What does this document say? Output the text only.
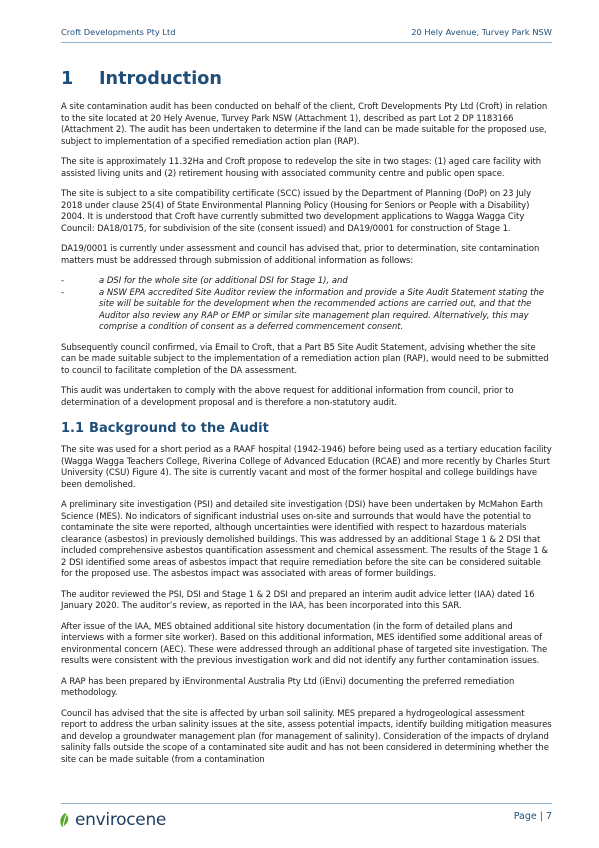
Croft Developments Pty Ltd	20 Hely Avenue, Turvey Park NSW
1 Introduction

A site contamination audit has been conducted on behalf of the client, Croft Developments Pty Ltd (Croft) in relation to the site located at 20 Hely Avenue, Turvey Park NSW (Attachment 1), described as part Lot 2 DP 1183166 (Attachment 2). The audit has been undertaken to determine if the land can be made suitable for the proposed use, subject to implementation of a specified remediation action plan (RAP).

The site is approximately 11.32Ha and Croft propose to redevelop the site in two stages: (1) aged care facility with assisted living units and (2) retirement housing with associated community centre and public open space.

The site is subject to a site compatibility certificate (SCC) issued by the Department of Planning (DoP) on 23 July 2018 under clause 25(4) of State Environmental Planning Policy (Housing for Seniors or People with a Disability) 2004. It is understood that Croft have currently submitted two development applications to Wagga Wagga City Council: DA18/0175, for subdivision of the site (consent issued) and DA19/0001 for construction of Stage 1.

DA19/0001 is currently under assessment and council has advised that, prior to determination, site contamination matters must be addressed through submission of additional information as follows:

-	a DSI for the whole site (or additional DSI for Stage 1), and
-	a NSW EPA accredited Site Auditor review the information and provide a Site Audit Statement stating the site will be suitable for the development when the recommended actions are carried out, and that the Auditor also review any RAP or EMP or similar site management plan required. Alternatively, this may comprise a condition of consent as a deferred commencement consent.

Subsequently council confirmed, via Email to Croft, that a Part B5 Site Audit Statement, advising whether the site can be made suitable subject to the implementation of a remediation action plan (RAP), would need to be submitted to council to facilitate completion of the DA assessment.

This audit was undertaken to comply with the above request for additional information from council, prior to determination of a development proposal and is therefore a non-statutory audit.

1.1 Background to the Audit

The site was used for a short period as a RAAF hospital (1942-1946) before being used as a tertiary education facility (Wagga Wagga Teachers College, Riverina College of Advanced Education (RCAE) and more recently by Charles Sturt University (CSU) Figure 4). The site is currently vacant and most of the former hospital and college buildings have been demolished.

A preliminary site investigation (PSI) and detailed site investigation (DSI) have been undertaken by McMahon Earth Science (MES). No indicators of significant industrial uses on-site and surrounds that would have the potential to contaminate the site were reported, although uncertainties were identified with respect to hazardous materials clearance (asbestos) in previously demolished buildings. This was addressed by an additional Stage 1 & 2 DSI that included comprehensive asbestos quantification assessment and chemical assessment. The results of the Stage 1 & 2 DSI identified some areas of asbestos impact that require remediation before the site can be considered suitable for the proposed use. The asbestos impact was associated with areas of former buildings.

The auditor reviewed the PSI, DSI and Stage 1 & 2 DSI and prepared an interim audit advice letter (IAA) dated 16 January 2020. The auditor’s review, as reported in the IAA, has been incorporated into this SAR.

After issue of the IAA, MES obtained additional site history documentation (in the form of detailed plans and interviews with a former site worker). Based on this additional information, MES identified some additional areas of environmental concern (AEC). These were addressed through an additional phase of targeted site investigation. The results were consistent with the previous investigation work and did not identify any further contamination issues.

A RAP has been prepared by iEnvironmental Australia Pty Ltd (iEnvi) documenting the preferred remediation methodology.

Council has advised that the site is affected by urban soil salinity. MES prepared a hydrogeological assessment report to address the urban salinity issues at the site, assess potential impacts, identify building mitigation measures and develop a groundwater management plan (for management of salinity). Consideration of the impacts of dryland salinity falls outside the scope of a contaminated site audit and has not been considered in determining whether the site can be made suitable (from a contamination

envirocene	Page | 7
